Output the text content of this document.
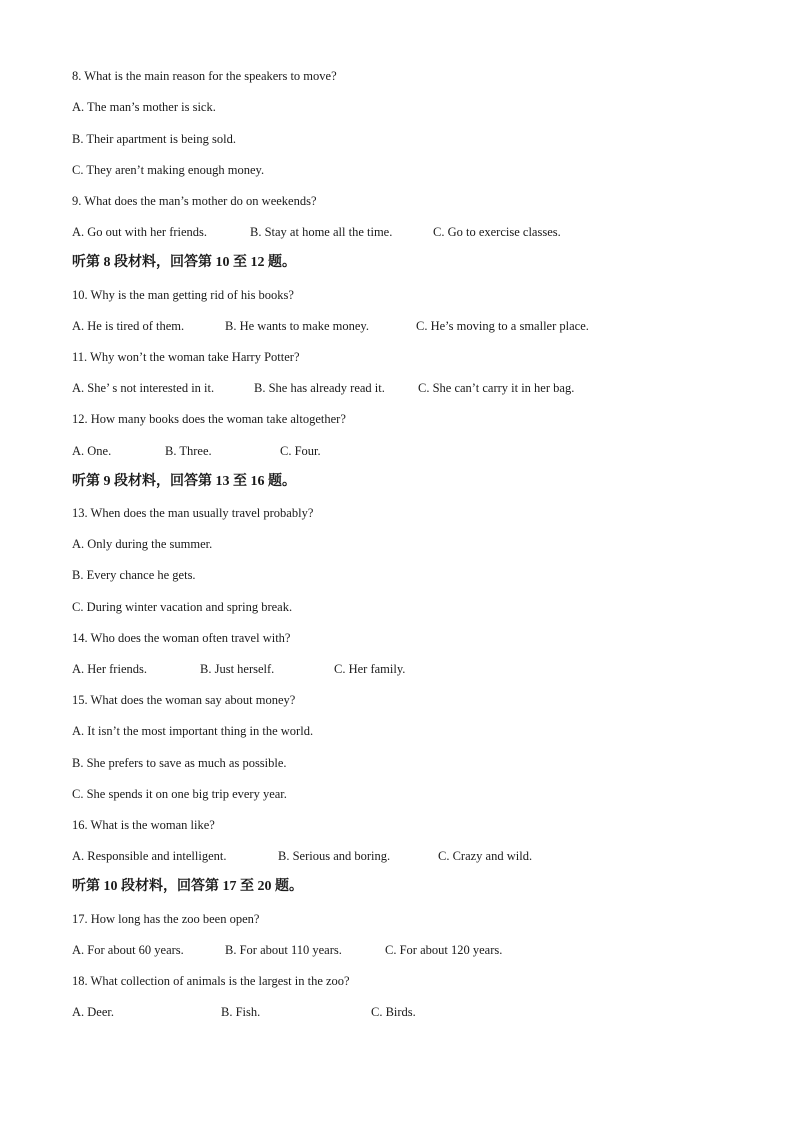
8. What is the main reason for the speakers to move?
A. The man’s mother is sick.
B. Their apartment is being sold.
C. They aren’t making enough money.
9. What does the man’s mother do on weekends?
A. Go out with her friends.	B. Stay at home all the time.	C. Go to exercise classes.
听第 8 段材料，回答第 10 至 12 题。
10. Why is the man getting rid of his books?
A. He is tired of them.	B. He wants to make money.	C. He’s moving to a smaller place.
11. Why won’t the woman take Harry Potter?
A. She’ s not interested in it.	B. She has already read it.	C. She can’t carry it in her bag.
12. How many books does the woman take altogether?
A. One.	B. Three.	C. Four.
听第 9 段材料，回答第 13 至 16 题。
13. When does the man usually travel probably?
A. Only during the summer.
B. Every chance he gets.
C. During winter vacation and spring break.
14. Who does the woman often travel with?
A. Her friends.	B. Just herself.	C. Her family.
15. What does the woman say about money?
A. It isn’t the most important thing in the world.
B. She prefers to save as much as possible.
C. She spends it on one big trip every year.
16. What is the woman like?
A. Responsible and intelligent.	B. Serious and boring.	C. Crazy and wild.
听第 10 段材料，回答第 17 至 20 题。
17. How long has the zoo been open?
A. For about 60 years.	B. For about 110 years.	C. For about 120 years.
18. What collection of animals is the largest in the zoo?
A. Deer.	B. Fish.	C. Birds.
